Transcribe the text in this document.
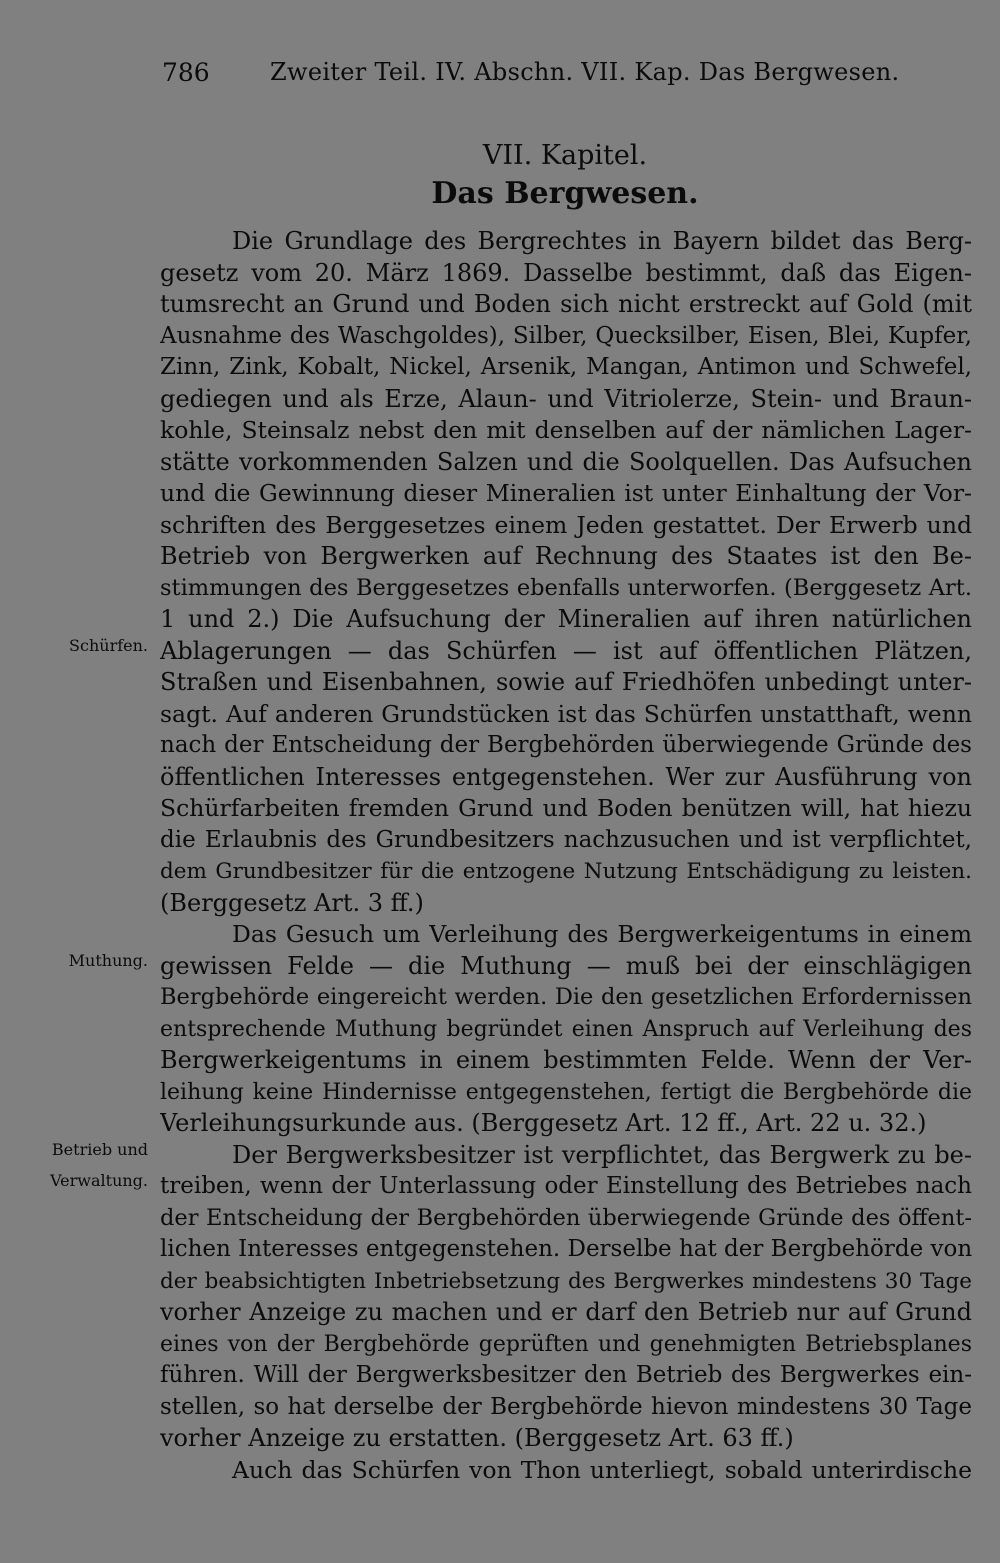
786	Zweiter Teil. IV. Abschn. VII. Kap. Das Bergwesen.
VII. Kapitel.
Das Bergwesen.
Schürfen.
Muthung.
Betrieb und
Verwaltung.
Die Grundlage des Bergrechtes in Bayern bildet das Berg-
gesetz vom 20. März 1869. Dasselbe bestimmt, daß das Eigen-
tumsrecht an Grund und Boden sich nicht erstreckt auf Gold (mit
Ausnahme des Waschgoldes), Silber, Quecksilber, Eisen, Blei, Kupfer,
Zinn, Zink, Kobalt, Nickel, Arsenik, Mangan, Antimon und Schwefel,
gediegen und als Erze, Alaun- und Vitriolerze, Stein- und Braun-
kohle, Steinsalz nebst den mit denselben auf der nämlichen Lager-
stätte vorkommenden Salzen und die Soolquellen. Das Aufsuchen
und die Gewinnung dieser Mineralien ist unter Einhaltung der Vor-
schriften des Berggesetzes einem Jeden gestattet. Der Erwerb und
Betrieb von Bergwerken auf Rechnung des Staates ist den Be-
stimmungen des Berggesetzes ebenfalls unterworfen. (Berggesetz Art.
1 und 2.) Die Aufsuchung der Mineralien auf ihren natürlichen
Ablagerungen — das Schürfen — ist auf öffentlichen Plätzen,
Straßen und Eisenbahnen, sowie auf Friedhöfen unbedingt unter-
sagt. Auf anderen Grundstücken ist das Schürfen unstatthaft, wenn
nach der Entscheidung der Bergbehörden überwiegende Gründe des
öffentlichen Interesses entgegenstehen. Wer zur Ausführung von
Schürfarbeiten fremden Grund und Boden benützen will, hat hiezu
die Erlaubnis des Grundbesitzers nachzusuchen und ist verpflichtet,
dem Grundbesitzer für die entzogene Nutzung Entschädigung zu leisten.
(Berggesetz Art. 3 ff.)
Das Gesuch um Verleihung des Bergwerkeigentums in einem
gewissen Felde — die Muthung — muß bei der einschlägigen
Bergbehörde eingereicht werden. Die den gesetzlichen Erfordernissen
entsprechende Muthung begründet einen Anspruch auf Verleihung des
Bergwerkeigentums in einem bestimmten Felde. Wenn der Ver-
leihung keine Hindernisse entgegenstehen, fertigt die Bergbehörde die
Verleihungsurkunde aus. (Berggesetz Art. 12 ff., Art. 22 u. 32.)
Der Bergwerksbesitzer ist verpflichtet, das Bergwerk zu be-
treiben, wenn der Unterlassung oder Einstellung des Betriebes nach
der Entscheidung der Bergbehörden überwiegende Gründe des öffent-
lichen Interesses entgegenstehen. Derselbe hat der Bergbehörde von
der beabsichtigten Inbetriebsetzung des Bergwerkes mindestens 30 Tage
vorher Anzeige zu machen und er darf den Betrieb nur auf Grund
eines von der Bergbehörde geprüften und genehmigten Betriebsplanes
führen. Will der Bergwerksbesitzer den Betrieb des Bergwerkes ein-
stellen, so hat derselbe der Bergbehörde hievon mindestens 30 Tage
vorher Anzeige zu erstatten. (Berggesetz Art. 63 ff.)
Auch das Schürfen von Thon unterliegt, sobald unterirdische
